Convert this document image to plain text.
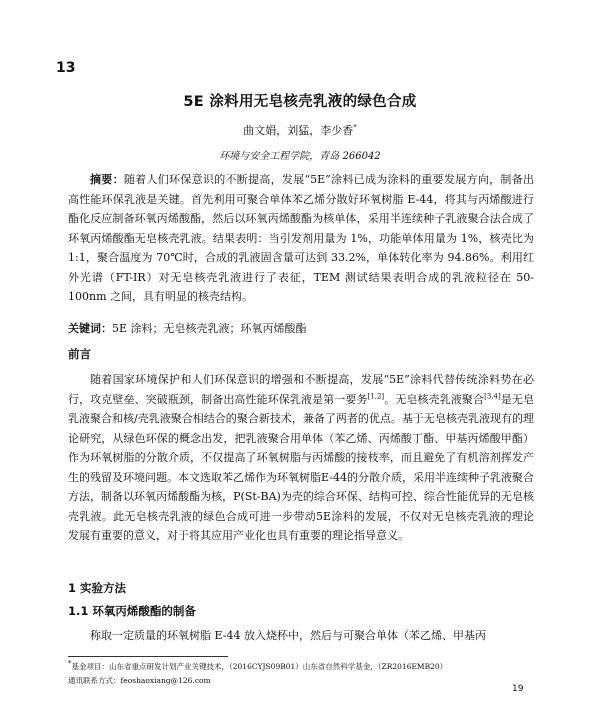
13
5E 涂料用无皂核壳乳液的绿色合成
曲文娟，刘猛，李少香*
环境与安全工程学院，青岛 266042
摘要：随着人们环保意识的不断提高，发展“5E”涂料已成为涂料的重要发展方向，制备出高性能环保乳液是关键。首先利用可聚合单体苯乙烯分散好环氧树脂 E-44，将其与丙烯酸进行酯化反应制备环氧丙烯酸酯，然后以环氧丙烯酸酯为核单体，采用半连续种子乳液聚合法合成了环氧丙烯酸酯无皂核壳乳液。结果表明：当引发剂用量为 1%，功能单体用量为 1%，核壳比为 1:1，聚合温度为 70℃时，合成的乳液固含量可达到 33.2%，单体转化率为 94.86%。利用红外光谱（FT-IR）对无皂核壳乳液进行了表征，TEM 测试结果表明合成的乳液粒径在 50-100nm 之间，具有明显的核壳结构。
关键词：5E 涂料；无皂核壳乳液；环氧丙烯酸酯
前言
随着国家环境保护和人们环保意识的增强和不断提高，发展“5E”涂料代替传统涂料势在必行，攻克壁垒、突破瓶颈，制备出高性能环保乳液是第一要务[1,2]。无皂核壳乳液聚合[3,4]是无皂乳液聚合和核/壳乳液聚合相结合的聚合新技术，兼备了两者的优点。基于无皂核壳乳液现有的理论研究，从绿色环保的概念出发，把乳液聚合用单体（苯乙烯、丙烯酸丁酯、甲基丙烯酸甲酯）作为环氧树脂的分散介质，不仅提高了环氧树脂与丙烯酸的接枝率，而且避免了有机溶剂挥发产生的残留及环境问题。本文选取苯乙烯作为环氧树脂E-44的分散介质，采用半连续种子乳液聚合方法，制备以环氧丙烯酸酯为核，P(St-BA)为壳的综合环保、结构可控、综合性能优异的无皂核壳乳液。此无皂核壳乳液的绿色合成可进一步带动5E涂料的发展，不仅对无皂核壳乳液的理论发展有重要的意义，对于将其应用产业化也具有重要的理论指导意义。
1 实验方法
1.1 环氧丙烯酸酯的制备
称取一定质量的环氧树脂 E-44 放入烧杯中，然后与可聚合单体（苯乙烯、甲基丙
*基金项目：山东省重点研发计划产业关键技术，（2016CYJS09B01）山东省自然科学基金，（ZR2016EMB20）
通讯联系方式：feoshaoxiang@126.com
19
